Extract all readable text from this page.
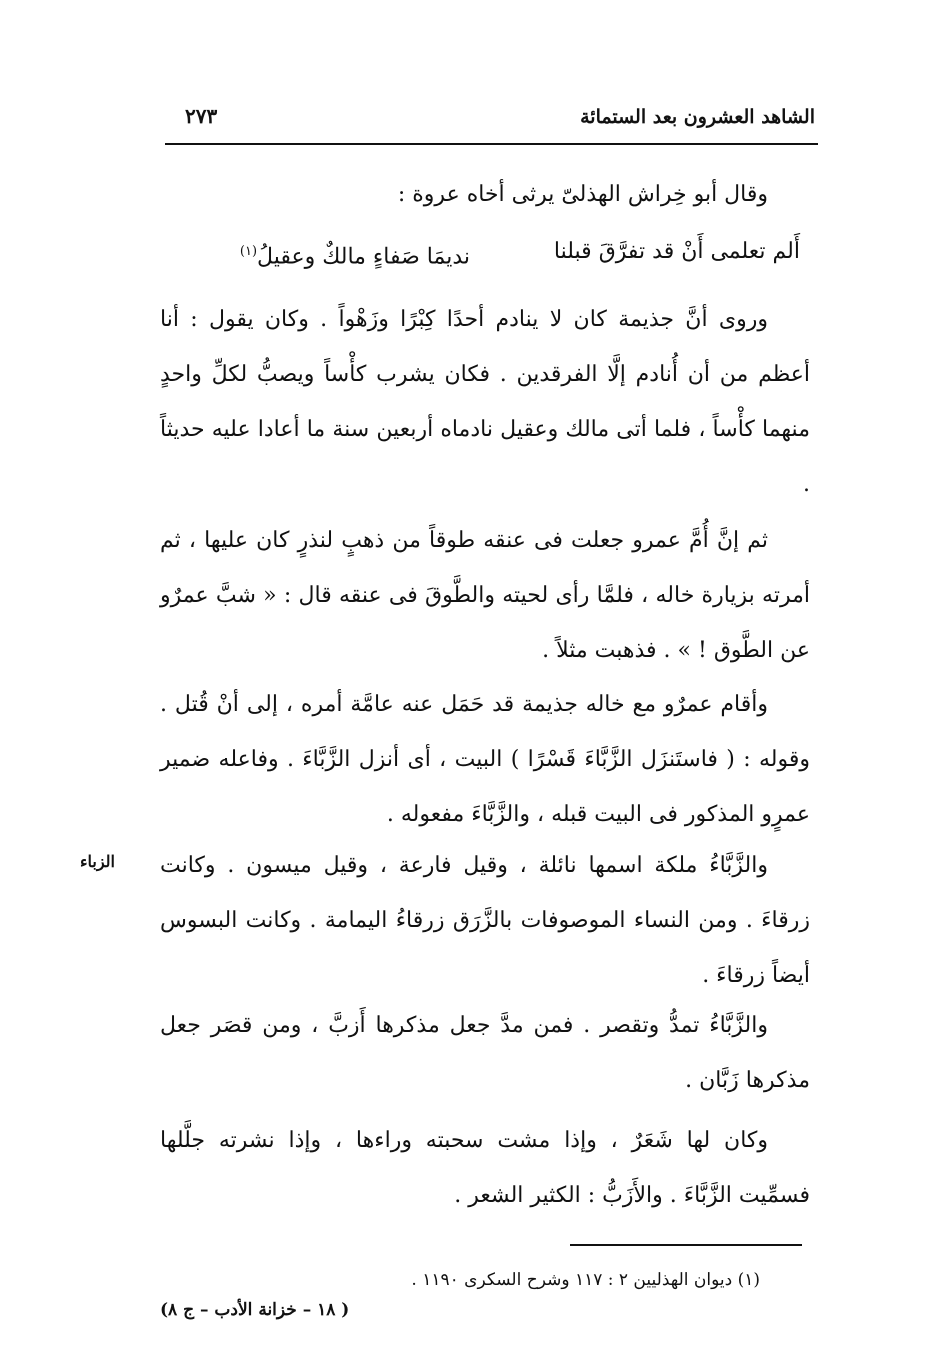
الشاهد العشرون بعد الستمائة
٢٧٣
وقال أبو خِراش الهذلىّ يرثى أخاه عروة :
أَلم تعلمى أَنْ قد تفرَّقَ قبلنا
نديمَا صَفاءٍ مالكٌ وعقيلُ$^{(١)}$
وروى أنَّ جذيمة كان لا ينادم أحدًا كِبْرًا وزَهْواً . وكان يقول : أنا أعظم من أن أُنادم إلَّا الفرقدين . فكان يشرب كأْساً ويصبُّ لكلِّ واحدٍ منهما كأْساً ، فلما أتى مالك وعقيل نادماه أربعين سنة ما أعادا عليه حديثاً .
ثم إنَّ أُمَّ عمرو جعلت فى عنقه طوقاً من ذهبٍ لنذرٍ كان عليها ، ثم أمرته بزيارة خاله ، فلمَّا رأى لحيته والطَّوقَ فى عنقه قال : « شبَّ عمرٌو عن الطَّوق ! » . فذهبت مثلاً .
وأقام عمرٌو مع خاله جذيمة قد حَمَل عنه عامَّة أمره ، إلى أنْ قُتل . وقوله : ( فاستَنزَل الزَّبَّاءَ قَسْرًا ) البيت ، أى أنزل الزَّبَّاءَ . وفاعله ضمير عمرٍو المذكور فى البيت قبله ، والزَّبَّاءَ مفعوله .
والزَّبَّاءُ ملكة اسمها نائلة ، وقيل فارعة ، وقيل ميسون . وكانت زرقاءَ . ومن النساء الموصوفات بالزَّرَق زرقاءُ اليمامة . وكانت البسوس أيضاً زرقاءَ .
والزَّبَّاءُ تمدُّ وتقصر . فمن مدَّ جعل مذكرها أَزبَّ ، ومن قصَر جعل مذكرها زَبَّان .
وكان لها شَعَرٌ ، وإذا مشت سحبته وراءها ، وإذا نشرته جلَّلها فسمِّيت الزَّبَّاءَ . والأَزَبُّ : الكثير الشعر .
الزباء
(١) ديوان الهذليين ٢ : ١١٧ وشرح السكرى ١١٩٠ .
( ١٨ – خزانة الأدب – ج ٨)
